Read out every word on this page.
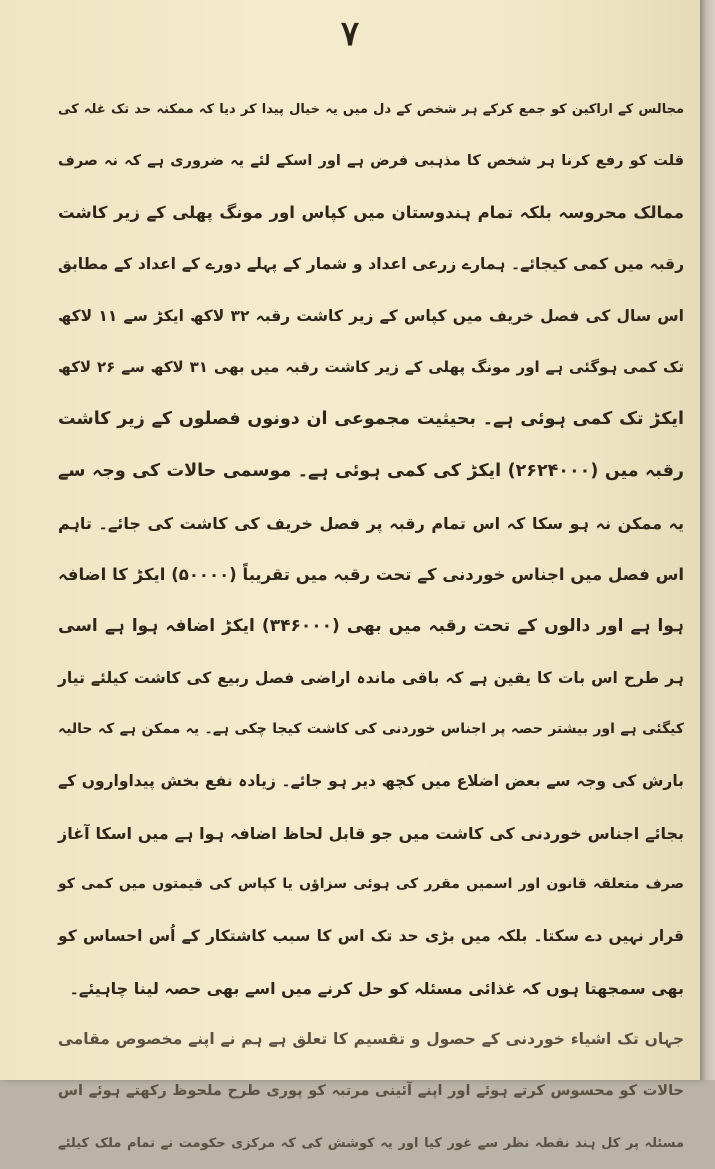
۷
مجالس کے اراکین کو جمع کرکے ہر شخص کے دل میں یہ خیال پیدا کر دیا کہ ممکنہ حد تک غلہ کی
قلت کو رفع کرنا ہر شخص کا مذہبی فرض ہے اور اسکے لئے یہ ضروری ہے کہ نہ صرف
ممالک محروسہ بلکہ تمام ہندوستان میں کپاس اور مونگ پھلی کے زیر کاشت
رقبہ میں کمی کیجائے۔ ہمارے زرعی اعداد و شمار کے پہلے دورے کے اعداد کے مطابق
اس سال کی فصل خریف میں کپاس کے زیر کاشت رقبہ ۳۲ لاکھ ایکڑ سے ۱۱ لاکھ
تک کمی ہوگئی ہے اور مونگ پھلی کے زیر کاشت رقبہ میں بھی ۳۱ لاکھ سے ۲۶ لاکھ
ایکڑ تک کمی ہوئی ہے۔ بحیثیت مجموعی ان دونوں فصلوں کے زیر کاشت
رقبہ میں (۲۶۲۴۰۰۰) ایکڑ کی کمی ہوئی ہے۔ موسمی حالات کی وجہ سے
یہ ممکن نہ ہو سکا کہ اس تمام رقبہ پر فصل خریف کی کاشت کی جائے۔ تاہم
اس فصل میں اجناس خوردنی کے تحت رقبہ میں تقریباً (۵۰۰۰۰) ایکڑ کا اضافہ
ہوا ہے اور دالوں کے تحت رقبہ میں بھی (۳۴۶۰۰۰) ایکڑ اضافہ ہوا ہے اسی
ہر طرح اس بات کا یقین ہے کہ باقی ماندہ اراضی فصل ربیع کی کاشت کیلئے تیار
کیگئی ہے اور بیشتر حصہ پر اجناس خوردنی کی کاشت کیجا چکی ہے۔ یہ ممکن ہے کہ حالیہ
بارش کی وجہ سے بعض اضلاع میں کچھ دیر ہو جائے۔ زیادہ نفع بخش پیداواروں کے
بجائے اجناس خوردنی کی کاشت میں جو قابل لحاظ اضافہ ہوا ہے میں اسکا آغاز
صرف متعلقہ قانون اور اسمیں مقرر کی ہوئی سزاؤں یا کپاس کی قیمتوں میں کمی کو
قرار نہیں دے سکتا۔ بلکہ میں بڑی حد تک اس کا سبب کاشتکار کے اُس احساس کو
بھی سمجھتا ہوں کہ غذائی مسئلہ کو حل کرنے میں اسے بھی حصہ لینا چاہیئے۔
جہاں تک اشیاء خوردنی کے حصول و تقسیم کا تعلق ہے ہم نے اپنے مخصوص مقامی
حالات کو محسوس کرتے ہوئے اور اپنے آئینی مرتبہ کو پوری طرح ملحوظ رکھتے ہوئے اس
مسئلہ پر کل ہند نقطہ نظر سے غور کیا اور یہ کوشش کی کہ مرکزی حکومت نے تمام ملک کیلئے
